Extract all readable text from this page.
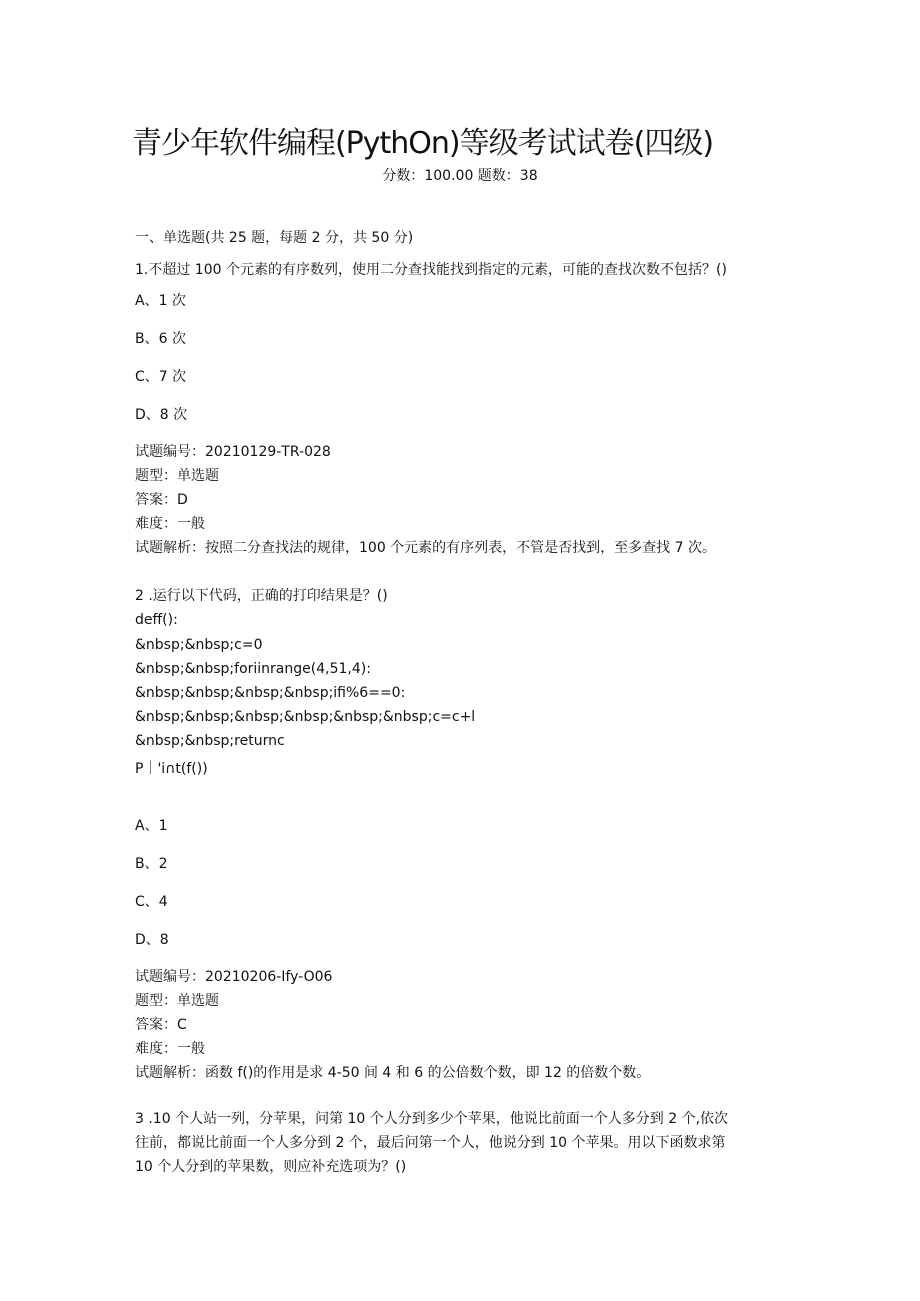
青少年软件编程(PythOn)等级考试试卷(四级)
分数：100.00 题数：38
一、单选题(共 25 题，每题 2 分，共 50 分)
1.不超过 100 个元素的有序数列，使用二分查找能找到指定的元素，可能的查找次数不包括？()
A、1 次
B、6 次
C、7 次
D、8 次
试题编号：20210129-TR-028
题型：单选题
答案：D
难度：一般
试题解析：按照二分查找法的规律，100 个元素的有序列表，不管是否找到，至多查找 7 次。
2 .运行以下代码，正确的打印结果是？()
deff():
&nbsp;&nbsp;c=0
&nbsp;&nbsp;foriinrange(4,51,4):
&nbsp;&nbsp;&nbsp;&nbsp;ifi%6==0:
&nbsp;&nbsp;&nbsp;&nbsp;&nbsp;&nbsp;c=c+l
&nbsp;&nbsp;returnc
P｜'i∩t(f())
A、1
B、2
C、4
D、8
试题编号：20210206-Ify-O06
题型：单选题
答案：C
难度：一般
试题解析：函数 f()的作用是求 4-50 间 4 和 6 的公倍数个数，即 12 的倍数个数。
3 .10 个人站一列，分苹果，问第 10 个人分到多少个苹果，他说比前面一个人多分到 2 个,依次
往前，都说比前面一个人多分到 2 个，最后问第一个人，他说分到 10 个苹果。用以下函数求第
10 个人分到的苹果数，则应补充选项为？()
